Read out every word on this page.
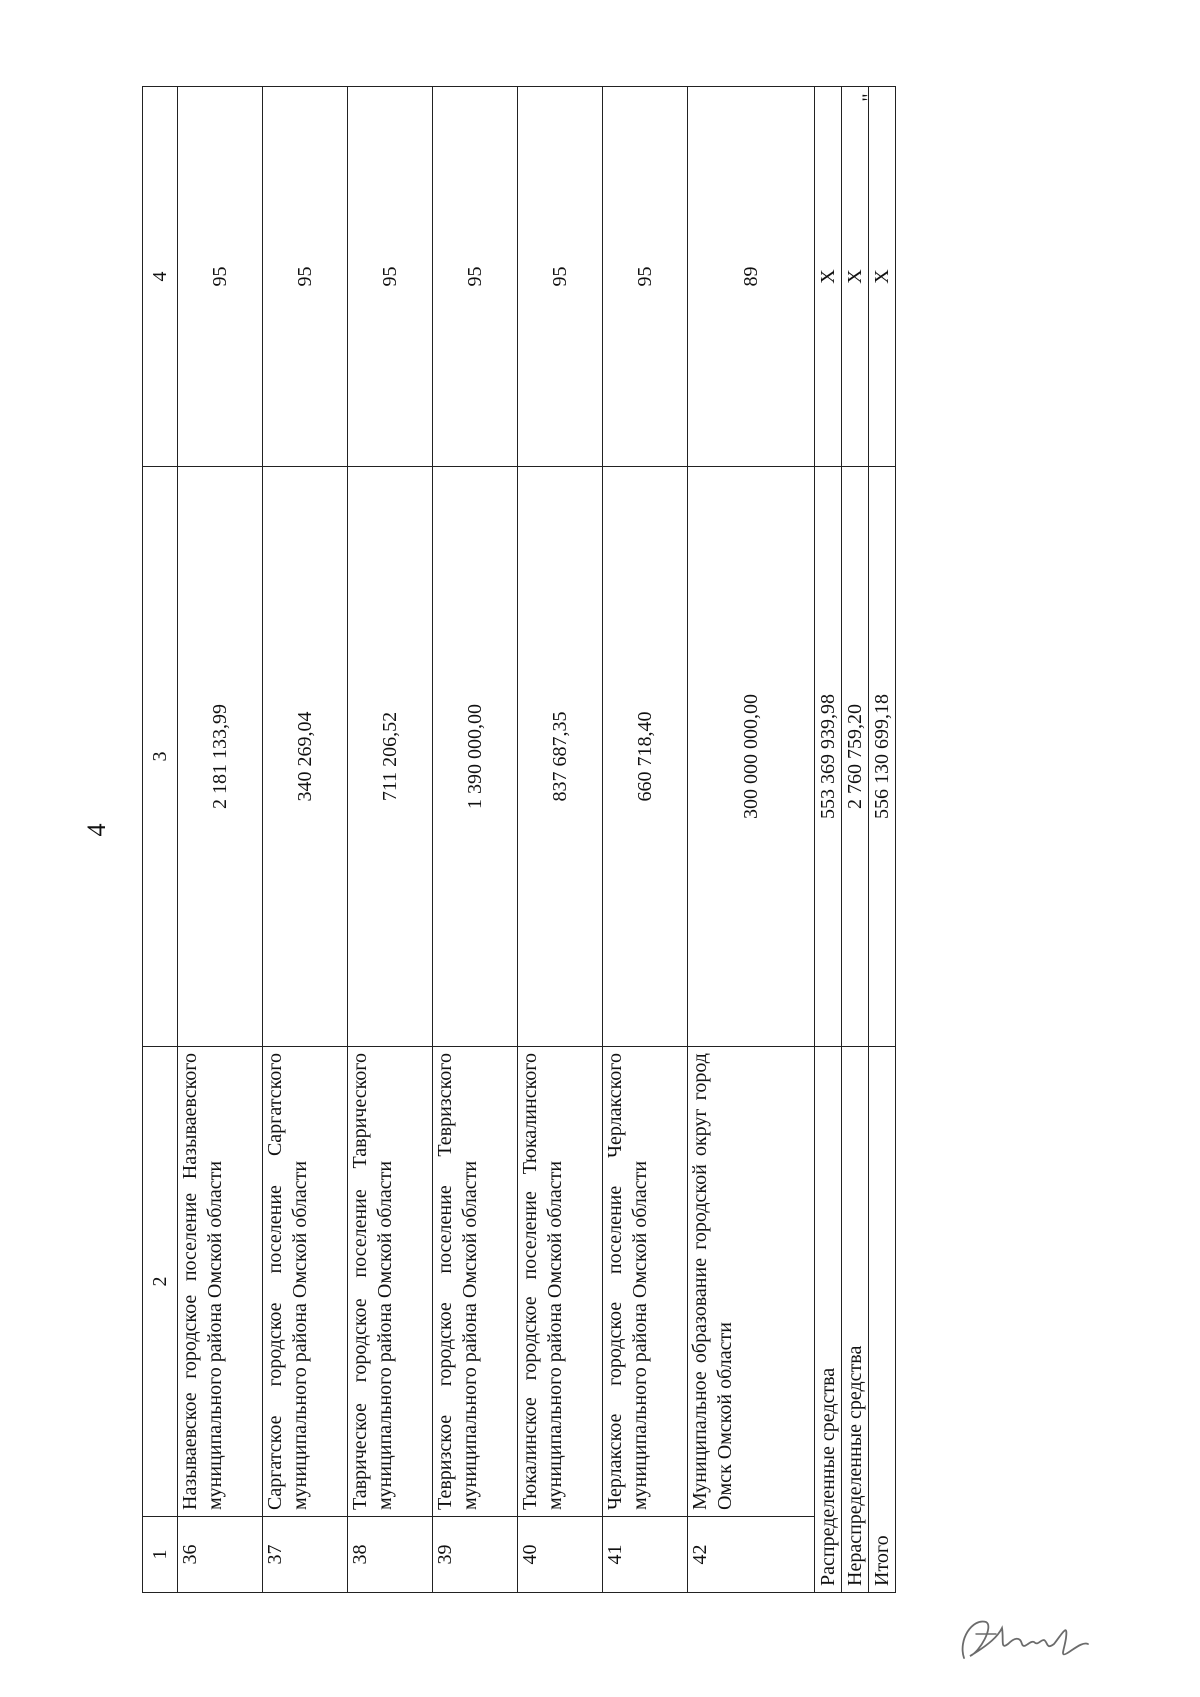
4
1	2	3	4
36	Называевское городское поселение Называевского муниципального района Омской области	2 181 133,99	95
37	Саргатское городское поселение Саргатского муниципального района Омской области	340 269,04	95
38	Таврическое городское поселение Таврического муниципального района Омской области	711 206,52	95
39	Тевризское городское поселение Тевризского муниципального района Омской области	1 390 000,00	95
40	Тюкалинское городское поселение Тюкалинского муниципального района Омской области	837 687,35	95
41	Черлакское городское поселение Черлакского муниципального района Омской области	660 718,40	95
42	Муниципальное образование городской округ город Омск Омской области	300 000 000,00	89
Распределенные средства		553 369 939,98	X
Нераспределенные средства		2 760 759,20	X
Итого		556 130 699,18	X
"
